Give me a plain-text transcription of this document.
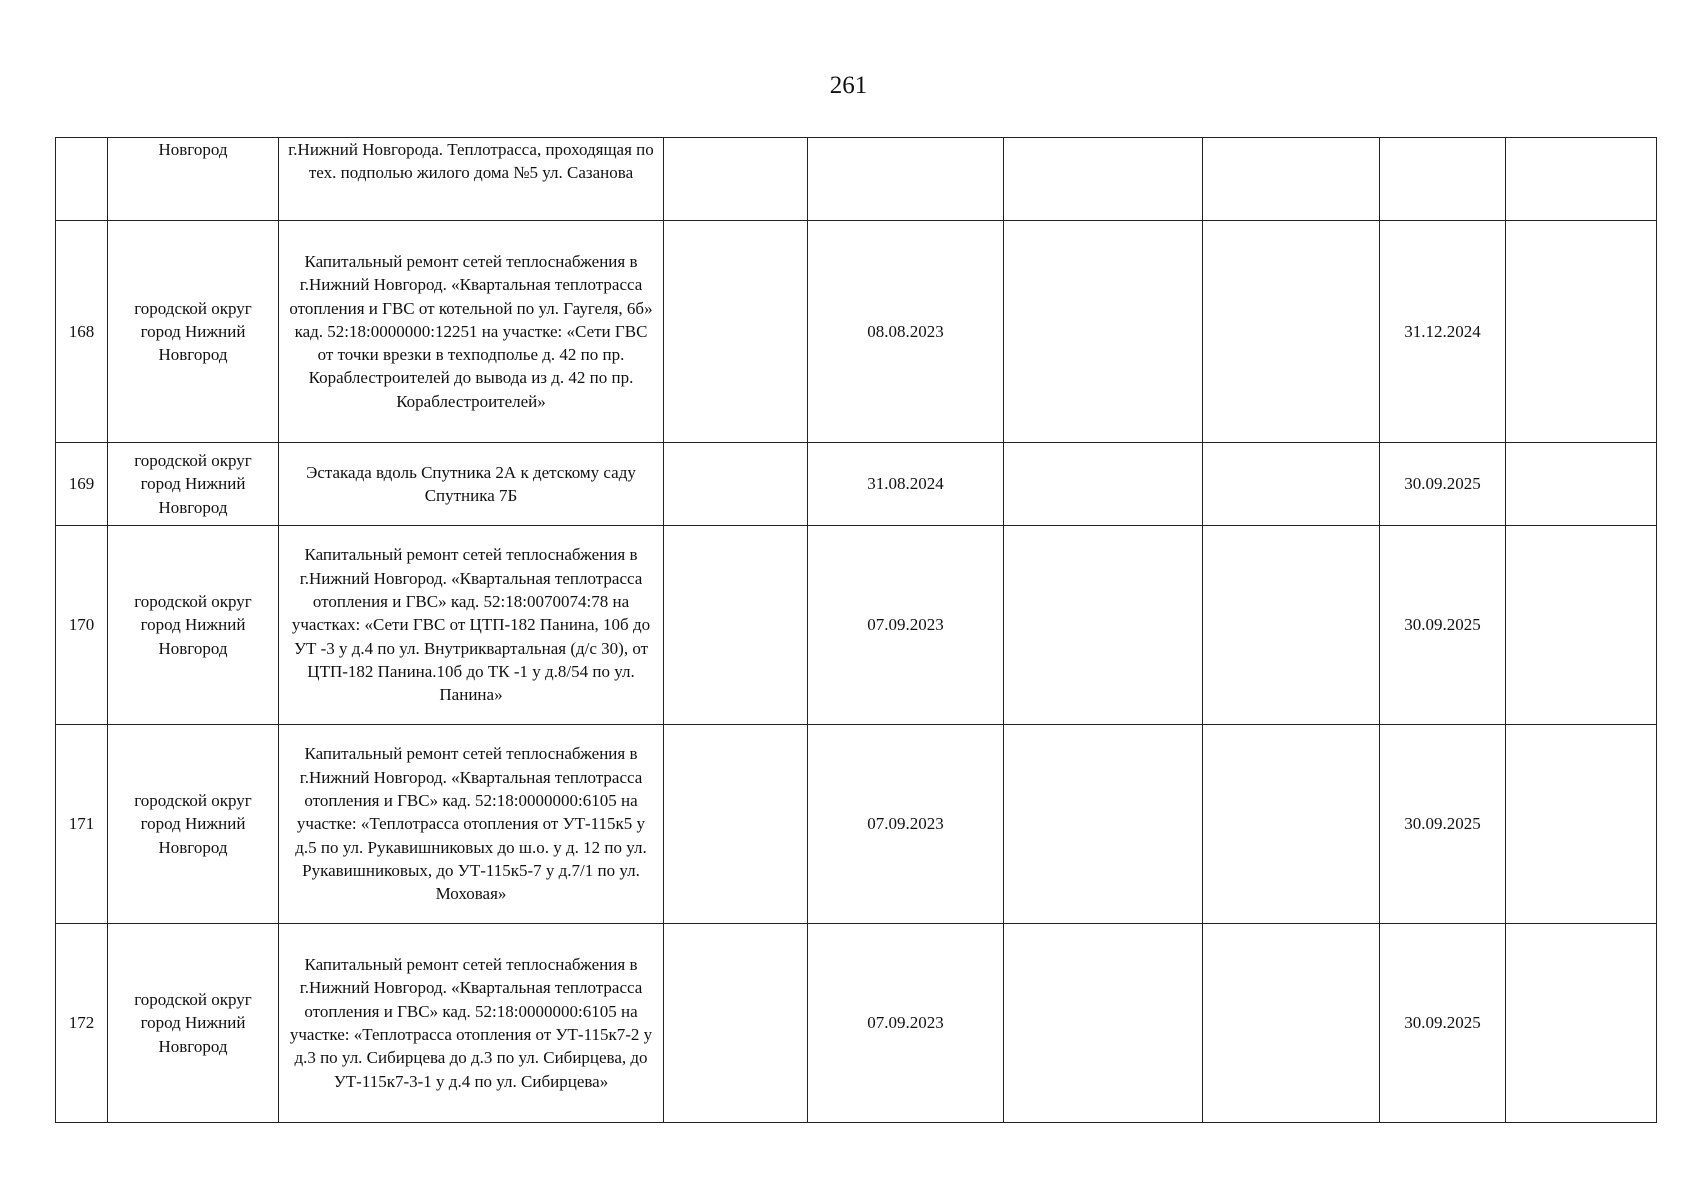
261
	Новгород	г.Нижний Новгорода. Теплотрасса, проходящая по тех. подполью жилого дома №5 ул. Сазанова						
168	городской округ город Нижний Новгород	Капитальный ремонт сетей теплоснабжения в г.Нижний Новгород. «Квартальная теплотрасса отопления и ГВС от котельной по ул. Гаугеля, 6б» кад. 52:18:0000000:12251 на участке: «Сети ГВС от точки врезки в техподполье д. 42 по пр. Кораблестроителей до вывода из д. 42 по пр. Кораблестроителей»		08.08.2023			31.12.2024	
169	городской округ город Нижний Новгород	Эстакада вдоль Спутника 2А к детскому саду Спутника 7Б		31.08.2024			30.09.2025	
170	городской округ город Нижний Новгород	Капитальный ремонт сетей теплоснабжения в г.Нижний Новгород. «Квартальная теплотрасса отопления и ГВС» кад. 52:18:0070074:78 на участках: «Сети ГВС от ЦТП-182 Панина, 10б до УТ -3 у д.4 по ул. Внутриквартальная (д/с 30), от ЦТП-182 Панина.10б до ТК -1 у д.8/54 по ул. Панина»		07.09.2023			30.09.2025	
171	городской округ город Нижний Новгород	Капитальный ремонт сетей теплоснабжения в г.Нижний Новгород. «Квартальная теплотрасса отопления и ГВС» кад. 52:18:0000000:6105 на участке: «Теплотрасса отопления от УТ-115к5 у д.5 по ул. Рукавишниковых до ш.о. у д. 12 по ул. Рукавишниковых, до УТ-115к5-7 у д.7/1 по ул. Моховая»		07.09.2023			30.09.2025	
172	городской округ город Нижний Новгород	Капитальный ремонт сетей теплоснабжения в г.Нижний Новгород. «Квартальная теплотрасса отопления и ГВС» кад. 52:18:0000000:6105 на участке: «Теплотрасса отопления от УТ-115к7-2 у д.3 по ул. Сибирцева до д.3 по ул. Сибирцева, до УТ-115к7-3-1 у д.4 по ул. Сибирцева»		07.09.2023			30.09.2025	
